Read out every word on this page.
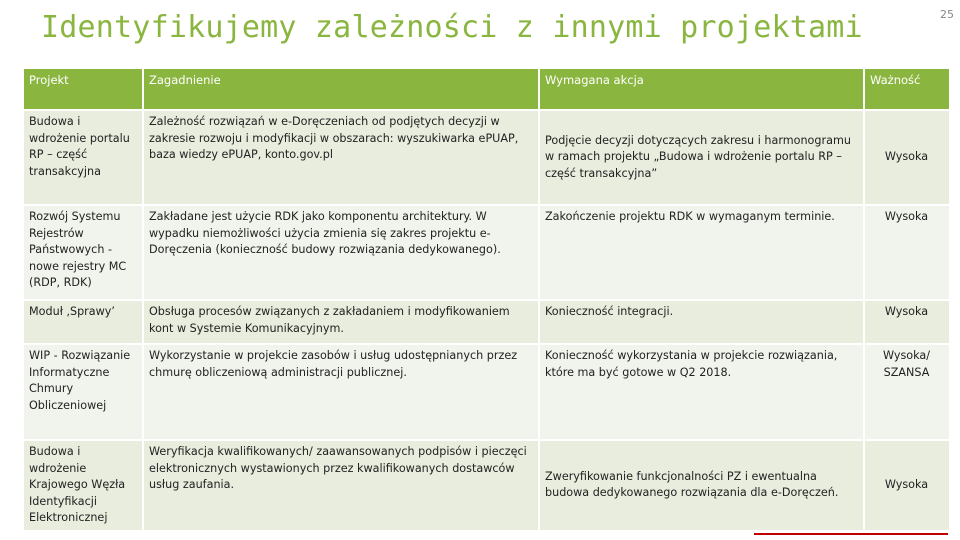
Identyfikujemy zależności z innymi projektami	25
Projekt	Zagadnienie	Wymagana akcja	Ważność
Budowa i wdrożenie portalu RP – część transakcyjna	Zależność rozwiązań w e-Doręczeniach od podjętych decyzji w zakresie rozwoju i modyfikacji w obszarach: wyszukiwarka ePUAP, baza wiedzy ePUAP, konto.gov.pl	Podjęcie decyzji dotyczących zakresu i harmonogramu w ramach projektu „Budowa i wdrożenie portalu RP – część transakcyjna”	Wysoka
Rozwój Systemu Rejestrów Państwowych - nowe rejestry MC (RDP, RDK)	Zakładane jest użycie RDK jako komponentu architektury. W wypadku niemożliwości użycia zmienia się zakres projektu e-Doręczenia (konieczność budowy rozwiązania dedykowanego).	Zakończenie projektu RDK w wymaganym terminie.	Wysoka
Moduł ‚Sprawy’	Obsługa procesów związanych z zakładaniem i modyfikowaniem kont w Systemie Komunikacyjnym.	Konieczność integracji.	Wysoka
WIP - Rozwiązanie Informatyczne Chmury Obliczeniowej	Wykorzystanie w projekcie zasobów i usług udostępnianych przez chmurę obliczeniową administracji publicznej.	Konieczność wykorzystania w projekcie rozwiązania, które ma być gotowe w Q2 2018.	Wysoka/ SZANSA
Budowa i wdrożenie Krajowego Węzła Identyfikacji Elektronicznej	Weryfikacja kwalifikowanych/ zaawansowanych podpisów i pieczęci elektronicznych wystawionych przez kwalifikowanych dostawców usług zaufania.	Zweryfikowanie funkcjonalności PZ i ewentualna budowa dedykowanego rozwiązania dla e-Doręczeń.	Wysoka
